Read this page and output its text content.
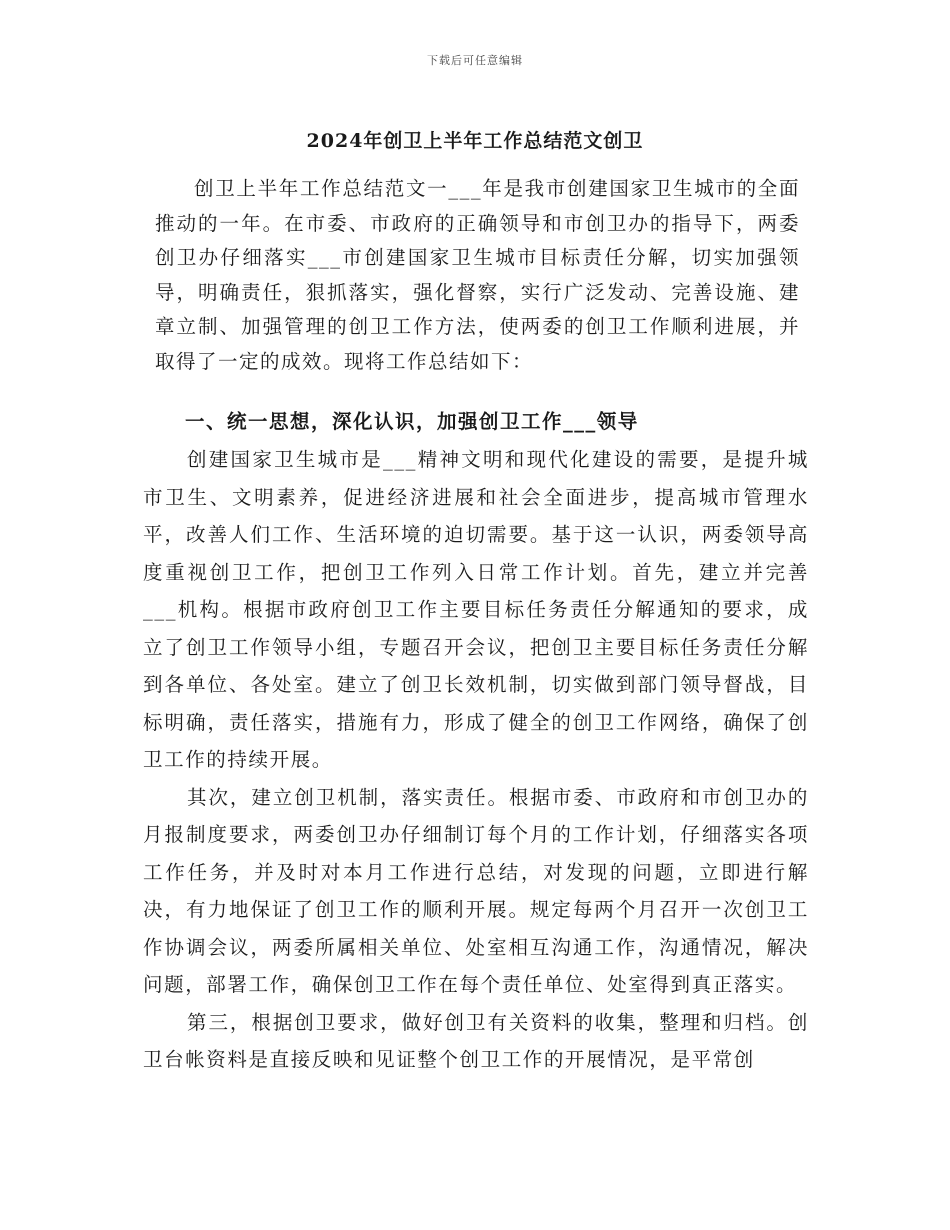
下载后可任意编辑
2024年创卫上半年工作总结范文创卫

创卫上半年工作总结范文一___年是我市创建国家卫生城市的全面推动的一年。在市委、市政府的正确领导和市创卫办的指导下，两委创卫办仔细落实___市创建国家卫生城市目标责任分解，切实加强领导，明确责任，狠抓落实，强化督察，实行广泛发动、完善设施、建章立制、加强管理的创卫工作方法，使两委的创卫工作顺利进展，并取得了一定的成效。现将工作总结如下：

一、统一思想，深化认识，加强创卫工作___领导

创建国家卫生城市是___精神文明和现代化建设的需要，是提升城市卫生、文明素养，促进经济进展和社会全面进步，提高城市管理水平，改善人们工作、生活环境的迫切需要。基于这一认识，两委领导高度重视创卫工作，把创卫工作列入日常工作计划。首先，建立并完善___机构。根据市政府创卫工作主要目标任务责任分解通知的要求，成立了创卫工作领导小组，专题召开会议，把创卫主要目标任务责任分解到各单位、各处室。建立了创卫长效机制，切实做到部门领导督战，目标明确，责任落实，措施有力，形成了健全的创卫工作网络，确保了创卫工作的持续开展。

其次，建立创卫机制，落实责任。根据市委、市政府和市创卫办的月报制度要求，两委创卫办仔细制订每个月的工作计划，仔细落实各项工作任务，并及时对本月工作进行总结，对发现的问题，立即进行解决，有力地保证了创卫工作的顺利开展。规定每两个月召开一次创卫工作协调会议，两委所属相关单位、处室相互沟通工作，沟通情况，解决问题，部署工作，确保创卫工作在每个责任单位、处室得到真正落实。

第三，根据创卫要求，做好创卫有关资料的收集，整理和归档。创卫台帐资料是直接反映和见证整个创卫工作的开展情况，是平常创
